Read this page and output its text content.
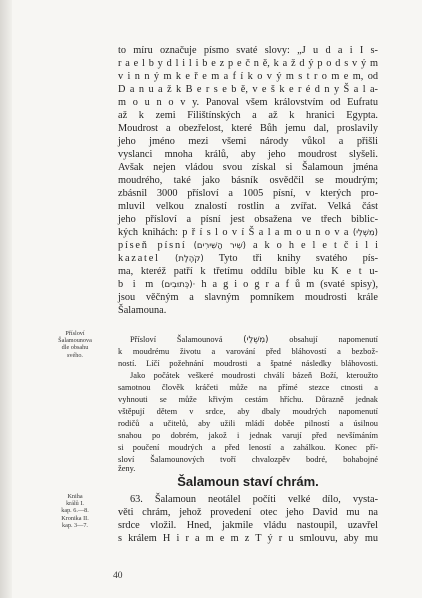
to míru označuje písmo svaté slovy: „J u d a i I s-
r a e l b y d l i l i b e z p e č n ě, k a ž d ý p o d s v ý m
v i n n ý m k e ř e m a f í k o v ý m s t r o m e m, od
D a n u a ž k B e r s e b ě, v e š k e r é d n y Š a l a-
m o u n o v y. Panoval všem královstvím od Eufratu
až k zemi Filištínských a až k hranici Egypta.
Moudrost a obezřelost, které Bůh jemu dal, proslavily
jeho jméno mezi všemi národy vůkol a přišli
vyslanci mnoha králů, aby jeho moudrost slyšeli.
Avšak nejen vládou svou získal si Šalamoun jména
moudrého, také jako básník osvědčil se moudrým;
zbásnil 3000 přísloví a 1005 písní, v kterých pro-
mluvil velkou znalostí rostlin a zvířat. Velká část
jeho přísloví a písní jest obsažena ve třech biblic-
kých knihách: p ř í s l o v í Š a l a m o u n o v a (מִשְׁלֵי)
píseň písní (שִׁיר הַשִּׁירִים) a k o h e l e t č i l i
kazatel (קֹהֶלֶת) Tyto tři knihy svatého pís-
ma, kteréž patří k třetímu oddílu bible ku K e t u-
b i m (כְּתוּבִים)· h a g i o g r a f ů m (svaté spisy),
jsou věčným a slavným pomníkem moudrosti krále
Šalamouna.
Přísloví
Šalamounova
dle obsahu
svého.
Přísloví Šalamounová (מִשְׁלֵי) obsahují napomenutí
k moudrému životu a varování před bláhovostí a bezbož-
ností. Líčí požehnání moudrosti a špatné následky bláhovosti.
Jako počátek veškeré moudrosti chválí bázeň Boží, kteroužto
samotnou člověk kráčeti může na přímé stezce ctnosti a
vyhnouti se může křivým cestám hříchu. Důrazně jednak
vštěpují dětem v srdce, aby dbaly moudrých napomenutí
rodičů a učitelů, aby užili mládí doběe pilností a úsilnou
snahou po dobrém, jakož i jednak varují před nevšímáním
si poučení moudrých a před leností a zahálkou. Konec pří-
sloví Šalamounových tvoří chvalozpěv bodré, bohabojné
Šalamoun staví chrám.
Kniha
králů I.
kap. 6.—8.
Kronika II.
kap. 3—7.
63. Šalamoun neotálel počíti velké dílo, vysta-
věti chrám, jehož provedení otec jeho David mu na
srdce vložil. Hned, jakmile vládu nastoupil, uzavřel
s králem H i r a m e m z T ý r u smlouvu, aby mu
40
ženy.
